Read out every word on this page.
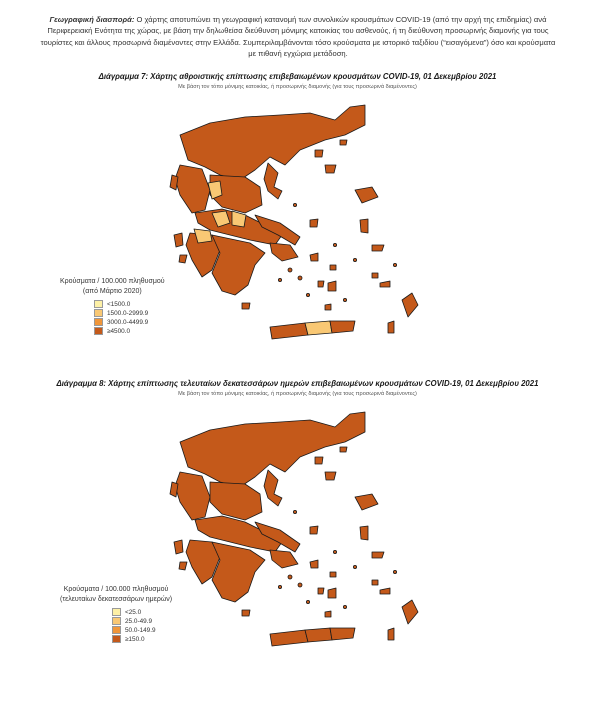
Γεωγραφική διασπορά: Ο χάρτης αποτυπώνει τη γεωγραφική κατανομή των συνολικών κρουσμάτων COVID-19 (από την αρχή της επιδημίας) ανά Περιφερειακή Ενότητα της χώρας, με βάση την δηλωθείσα διεύθυνση μόνιμης κατοικίας του ασθενούς, ή τη διεύθυνση προσωρινής διαμονής για τους τουρίστες και άλλους προσωρινά διαμένοντες στην Ελλάδα. Συμπεριλαμβάνονται τόσο κρούσματα με ιστορικό ταξιδίου (“εισαγόμενα”) όσο και κρούσματα με πιθανή εγχώρια μετάδοση.
Διάγραμμα 7: Χάρτης αθροιστικής επίπτωσης επιβεβαιωμένων κρουσμάτων COVID-19, 01 Δεκεμβρίου 2021
Με βάση τον τόπο μόνιμης κατοικίας, ή προσωρινής διαμονής (για τους προσωρινά διαμένοντες)
Κρούσματα / 100.000 πληθυσμού
(από Μάρτιο 2020)
<1500.0
1500.0-2999.9
3000.0-4499.9
≥4500.0
Διάγραμμα 8: Χάρτης επίπτωσης τελευταίων δεκατεσσάρων ημερών επιβεβαιωμένων κρουσμάτων COVID-19, 01 Δεκεμβρίου 2021
Με βάση τον τόπο μόνιμης κατοικίας, ή προσωρινής διαμονής (για τους προσωρινά διαμένοντες)
Κρούσματα / 100.000 πληθυσμού
(τελευταίων δεκατεσσάρων ημερών)
<25.0
25.0-49.9
50.0-149.9
≥150.0
